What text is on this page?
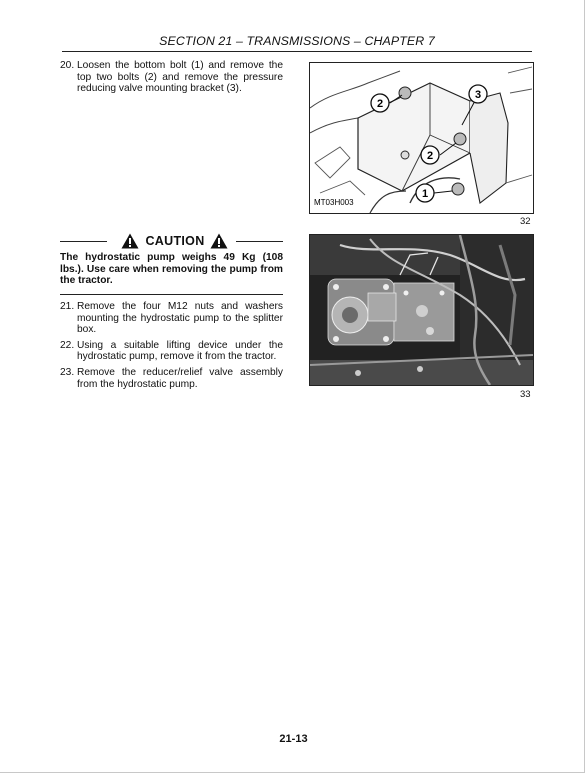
SECTION 21 – TRANSMISSIONS – CHAPTER 7
20. Loosen the bottom bolt (1) and remove the top two bolts (2) and remove the pressure reducing valve mounting bracket (3).
CAUTION
The hydrostatic pump weighs 49 Kg (108 lbs.). Use care when removing the pump from the tractor.
21. Remove the four M12 nuts and washers mounting the hydrostatic pump to the splitter box.
22. Using a suitable lifting device under the hydrostatic pump, remove it from the tractor.
23. Remove the reducer/relief valve assembly from the hydrostatic pump.
2
3
2
1
MT03H003
32
33
21-13
